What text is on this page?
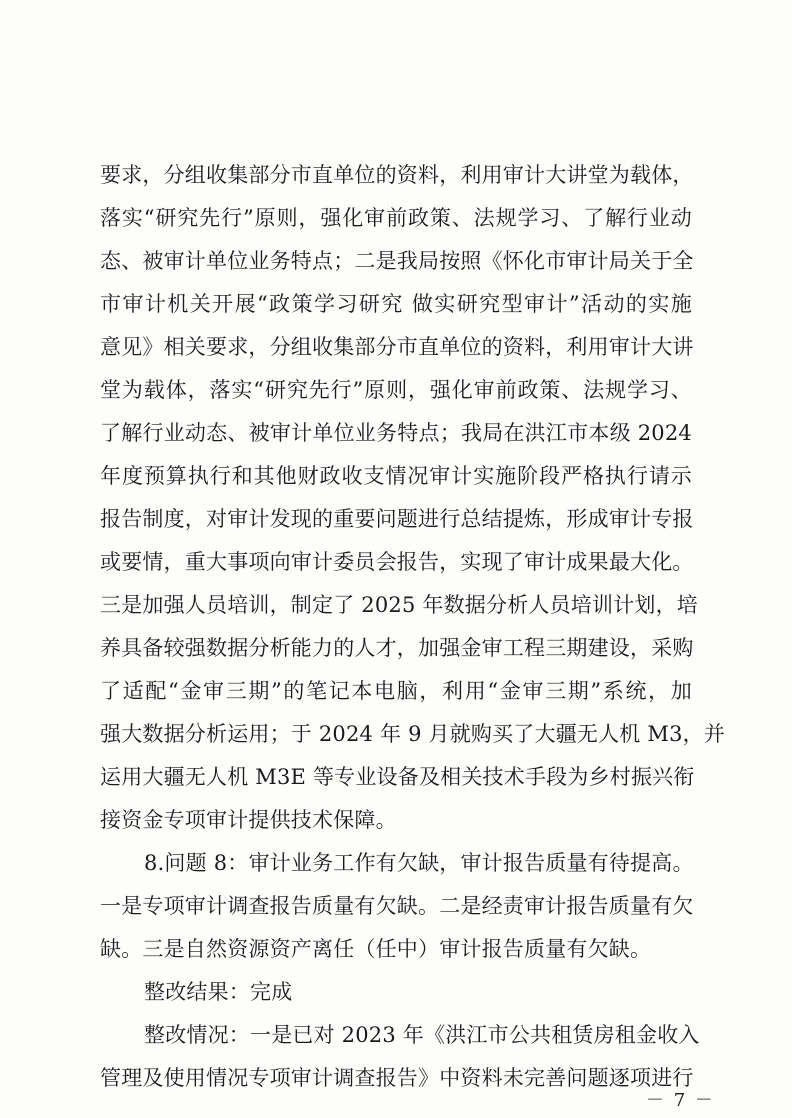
要求，分组收集部分市直单位的资料，利用审计大讲堂为载体，
落实“研究先行”原则，强化审前政策、法规学习、了解行业动
态、被审计单位业务特点；二是我局按照《怀化市审计局关于全
市审计机关开展“政策学习研究 做实研究型审计”活动的实施
意见》相关要求，分组收集部分市直单位的资料，利用审计大讲
堂为载体，落实“研究先行”原则，强化审前政策、法规学习、
了解行业动态、被审计单位业务特点；我局在洪江市本级 2024
年度预算执行和其他财政收支情况审计实施阶段严格执行请示
报告制度，对审计发现的重要问题进行总结提炼，形成审计专报
或要情，重大事项向审计委员会报告，实现了审计成果最大化。
三是加强人员培训，制定了 2025 年数据分析人员培训计划，培
养具备较强数据分析能力的人才，加强金审工程三期建设，采购
了适配“金审三期”的笔记本电脑，利用“金审三期”系统，加
强大数据分析运用；于 2024 年 9 月就购买了大疆无人机 M3，并
运用大疆无人机 M3E 等专业设备及相关技术手段为乡村振兴衔
接资金专项审计提供技术保障。
8.问题 8：审计业务工作有欠缺，审计报告质量有待提高。
一是专项审计调查报告质量有欠缺。二是经责审计报告质量有欠
缺。三是自然资源资产离任（任中）审计报告质量有欠缺。
整改结果：完成
整改情况：一是已对 2023 年《洪江市公共租赁房租金收入
管理及使用情况专项审计调查报告》中资料未完善问题逐项进行
－ 7 －
